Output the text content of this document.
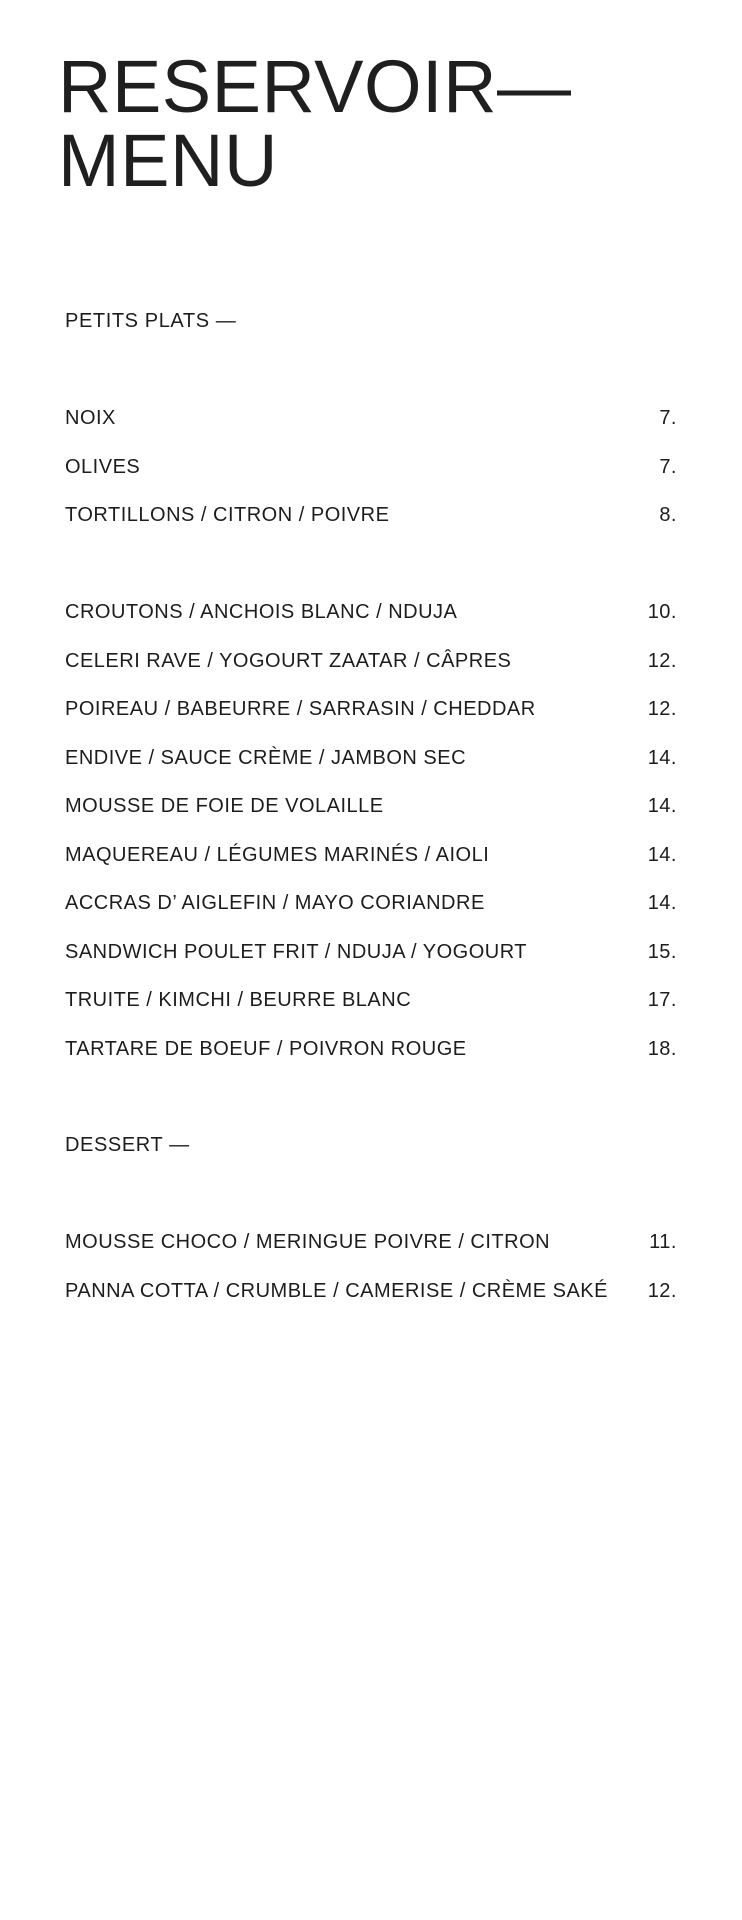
RESERVOIR—
MENU
PETITS PLATS —
NOIX	7.
OLIVES	7.
TORTILLONS / CITRON / POIVRE	8.
CROUTONS / ANCHOIS BLANC / NDUJA	10.
CELERI RAVE / YOGOURT ZAATAR / CÂPRES	12.
POIREAU / BABEURRE / SARRASIN / CHEDDAR	12.
ENDIVE / SAUCE CRÈME / JAMBON SEC	14.
MOUSSE DE FOIE DE VOLAILLE	14.
MAQUEREAU / LÉGUMES MARINÉS / AIOLI	14.
ACCRAS D’ AIGLEFIN / MAYO CORIANDRE	14.
SANDWICH POULET FRIT / NDUJA / YOGOURT	15.
TRUITE / KIMCHI / BEURRE BLANC	17.
TARTARE DE BOEUF / POIVRON ROUGE	18.
DESSERT —
MOUSSE CHOCO / MERINGUE POIVRE / CITRON	11.
PANNA COTTA / CRUMBLE / CAMERISE / CRÈME SAKÉ 12.
